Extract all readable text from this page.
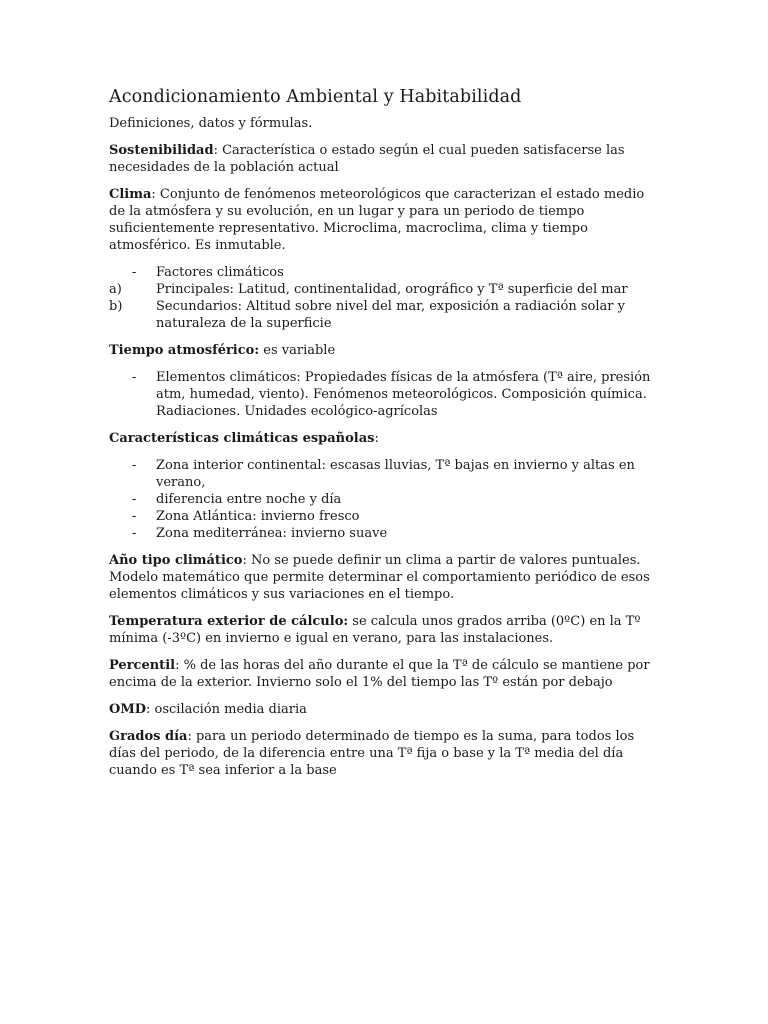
Acondicionamiento Ambiental y Habitabilidad

Definiciones, datos y fórmulas.

Sostenibilidad: Característica o estado según el cual pueden satisfacerse las necesidades de la población actual

Clima: Conjunto de fenómenos meteorológicos que caracterizan el estado medio de la atmósfera y su evolución, en un lugar y para un periodo de tiempo suficientemente representativo. Microclima, macroclima, clima y tiempo atmosférico. Es inmutable.

- Factores climáticos
a)	Principales: Latitud, continentalidad, orográfico y Tª superficie del mar
b)	Secundarios: Altitud sobre nivel del mar, exposición a radiación solar y naturaleza de la superficie

Tiempo atmosférico: es variable

- Elementos climáticos: Propiedades físicas de la atmósfera (Tª aire, presión atm, humedad, viento). Fenómenos meteorológicos. Composición química. Radiaciones. Unidades ecológico-agrícolas

Características climáticas españolas:

- Zona interior continental: escasas lluvias, Tª bajas en invierno y altas en verano,
- diferencia entre noche y día
- Zona Atlántica: invierno fresco
- Zona mediterránea: invierno suave

Año tipo climático: No se puede definir un clima a partir de valores puntuales. Modelo matemático que permite determinar el comportamiento periódico de esos elementos climáticos y sus variaciones en el tiempo.

Temperatura exterior de cálculo: se calcula unos grados arriba (0ºC) en la Tº mínima (-3ºC) en invierno e igual en verano, para las instalaciones.

Percentil: % de las horas del año durante el que la Tª de cálculo se mantiene por encima de la exterior. Invierno solo el 1% del tiempo las Tº están por debajo

OMD: oscilación media diaria

Grados día: para un periodo determinado de tiempo es la suma, para todos los días del periodo, de la diferencia entre una Tª fija o base y la Tª media del día cuando es Tª sea inferior a la base
